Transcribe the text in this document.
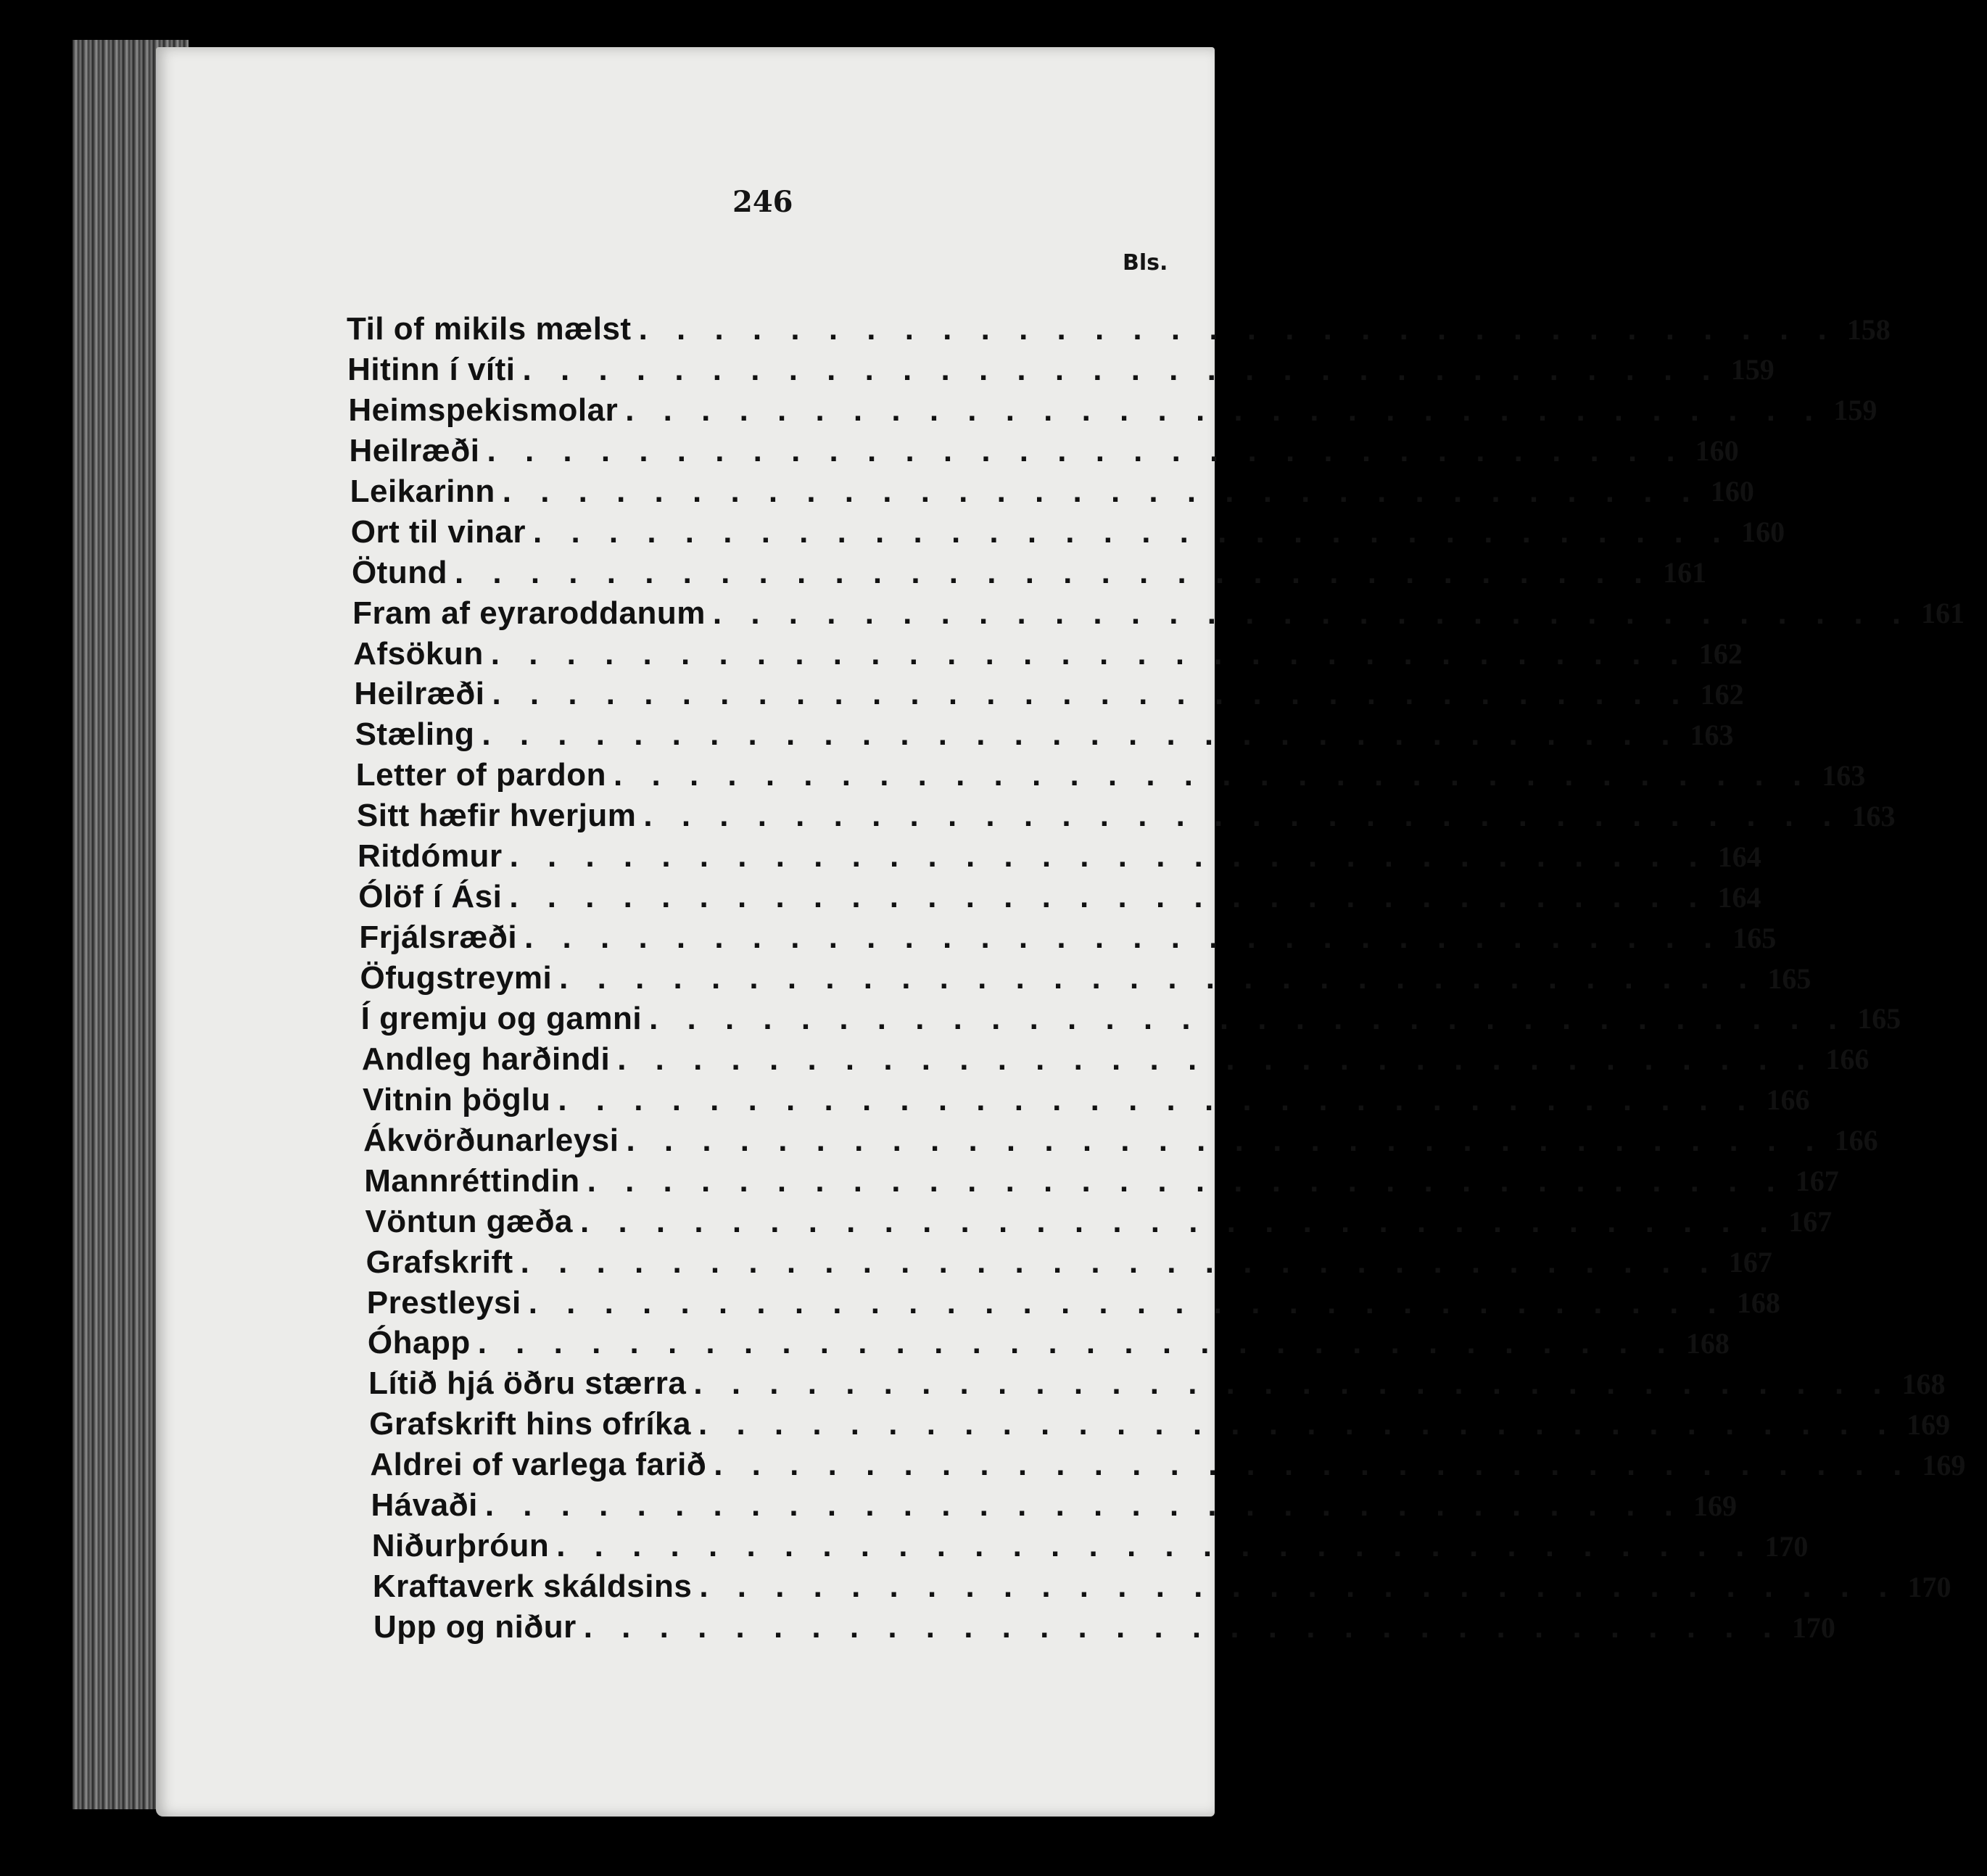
246
Bls.
Til of mikils mælst . . . . . . . . . . . . . . . . . . . . . . . . . . . . . . . . 158
Hitinn í víti . . . . . . . . . . . . . . . . . . . . . . . . . . . . . . . . 159
Heimspekismolar . . . . . . . . . . . . . . . . . . . . . . . . . . . . . . . . 159
Heilræði . . . . . . . . . . . . . . . . . . . . . . . . . . . . . . . . 160
Leikarinn . . . . . . . . . . . . . . . . . . . . . . . . . . . . . . . . 160
Ort til vinar . . . . . . . . . . . . . . . . . . . . . . . . . . . . . . . . 160
Ötund . . . . . . . . . . . . . . . . . . . . . . . . . . . . . . . . 161
Fram af eyraroddanum . . . . . . . . . . . . . . . . . . . . . . . . . . . . . . . . 161
Afsökun . . . . . . . . . . . . . . . . . . . . . . . . . . . . . . . . 162
Heilræði . . . . . . . . . . . . . . . . . . . . . . . . . . . . . . . . 162
Stæling . . . . . . . . . . . . . . . . . . . . . . . . . . . . . . . . 163
Letter of pardon . . . . . . . . . . . . . . . . . . . . . . . . . . . . . . . . 163
Sitt hæfir hverjum . . . . . . . . . . . . . . . . . . . . . . . . . . . . . . . . 163
Ritdómur . . . . . . . . . . . . . . . . . . . . . . . . . . . . . . . . 164
Ólöf í Ási . . . . . . . . . . . . . . . . . . . . . . . . . . . . . . . . 164
Frjálsræði . . . . . . . . . . . . . . . . . . . . . . . . . . . . . . . . 165
Öfugstreymi . . . . . . . . . . . . . . . . . . . . . . . . . . . . . . . . 165
Í gremju og gamni . . . . . . . . . . . . . . . . . . . . . . . . . . . . . . . . 165
Andleg harðindi . . . . . . . . . . . . . . . . . . . . . . . . . . . . . . . . 166
Vitnin þöglu . . . . . . . . . . . . . . . . . . . . . . . . . . . . . . . . 166
Ákvörðunarleysi . . . . . . . . . . . . . . . . . . . . . . . . . . . . . . . . 166
Mannréttindin . . . . . . . . . . . . . . . . . . . . . . . . . . . . . . . . 167
Vöntun gæða . . . . . . . . . . . . . . . . . . . . . . . . . . . . . . . . 167
Grafskrift . . . . . . . . . . . . . . . . . . . . . . . . . . . . . . . . 167
Prestleysi . . . . . . . . . . . . . . . . . . . . . . . . . . . . . . . . 168
Óhapp . . . . . . . . . . . . . . . . . . . . . . . . . . . . . . . . 168
Lítið hjá öðru stærra . . . . . . . . . . . . . . . . . . . . . . . . . . . . . . . . 168
Grafskrift hins ofríka . . . . . . . . . . . . . . . . . . . . . . . . . . . . . . . . 169
Aldrei of varlega farið . . . . . . . . . . . . . . . . . . . . . . . . . . . . . . . . 169
Hávaði . . . . . . . . . . . . . . . . . . . . . . . . . . . . . . . . 169
Niðurþróun . . . . . . . . . . . . . . . . . . . . . . . . . . . . . . . . 170
Kraftaverk skáldsins . . . . . . . . . . . . . . . . . . . . . . . . . . . . . . . . 170
Upp og niður . . . . . . . . . . . . . . . . . . . . . . . . . . . . . . . . 170
